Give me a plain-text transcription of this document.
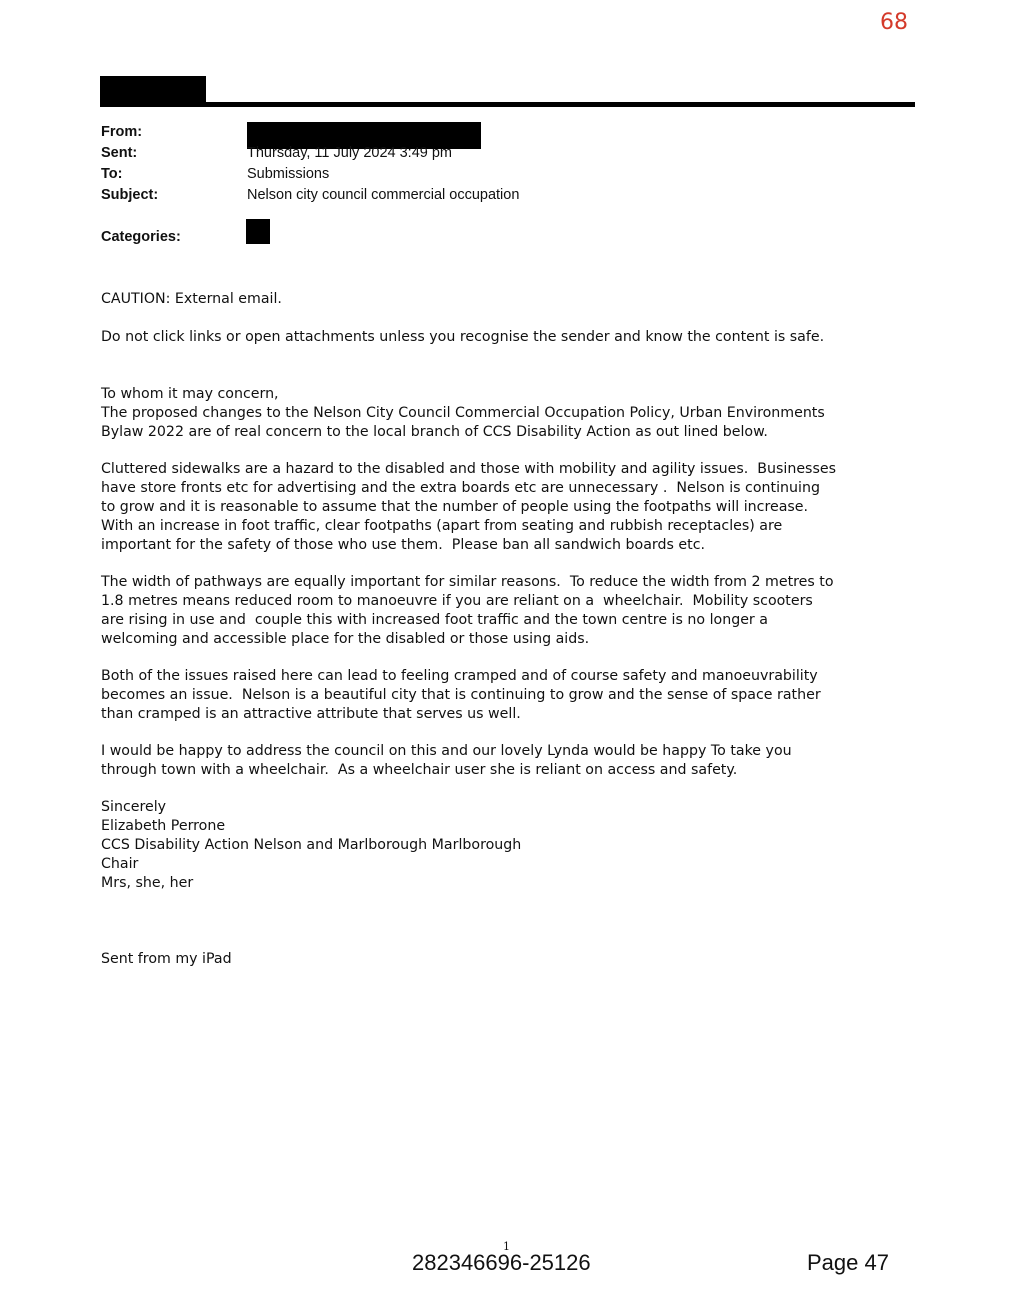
68
From:
Sent:	Thursday, 11 July 2024 3:49 pm
To:	Submissions
Subject:	Nelson city council commercial occupation
Categories:

CAUTION: External email.

Do not click links or open attachments unless you recognise the sender and know the content is safe.

To whom it may concern,

The proposed changes to the Nelson City Council Commercial Occupation Policy, Urban Environments
Bylaw 2022 are of real concern to the local branch of CCS Disability Action as out lined below.

Cluttered sidewalks are a hazard to the disabled and those with mobility and agility issues.  Businesses
have store fronts etc for advertising and the extra boards etc are unnecessary .  Nelson is continuing
to grow and it is reasonable to assume that the number of people using the footpaths will increase.
With an increase in foot traffic, clear footpaths (apart from seating and rubbish receptacles) are
important for the safety of those who use them.  Please ban all sandwich boards etc.

The width of pathways are equally important for similar reasons.  To reduce the width from 2 metres to
1.8 metres means reduced room to manoeuvre if you are reliant on a  wheelchair.  Mobility scooters
are rising in use and  couple this with increased foot traffic and the town centre is no longer a
welcoming and accessible place for the disabled or those using aids.

Both of the issues raised here can lead to feeling cramped and of course safety and manoeuvrability
becomes an issue.  Nelson is a beautiful city that is continuing to grow and the sense of space rather
than cramped is an attractive attribute that serves us well.

I would be happy to address the council on this and our lovely Lynda would be happy To take you
through town with a wheelchair.  As a wheelchair user she is reliant on access and safety.

Sincerely
Elizabeth Perrone
CCS Disability Action Nelson and Marlborough Marlborough
Chair
Mrs, she, her

Sent from my iPad

1
282346696-25126	Page 47
